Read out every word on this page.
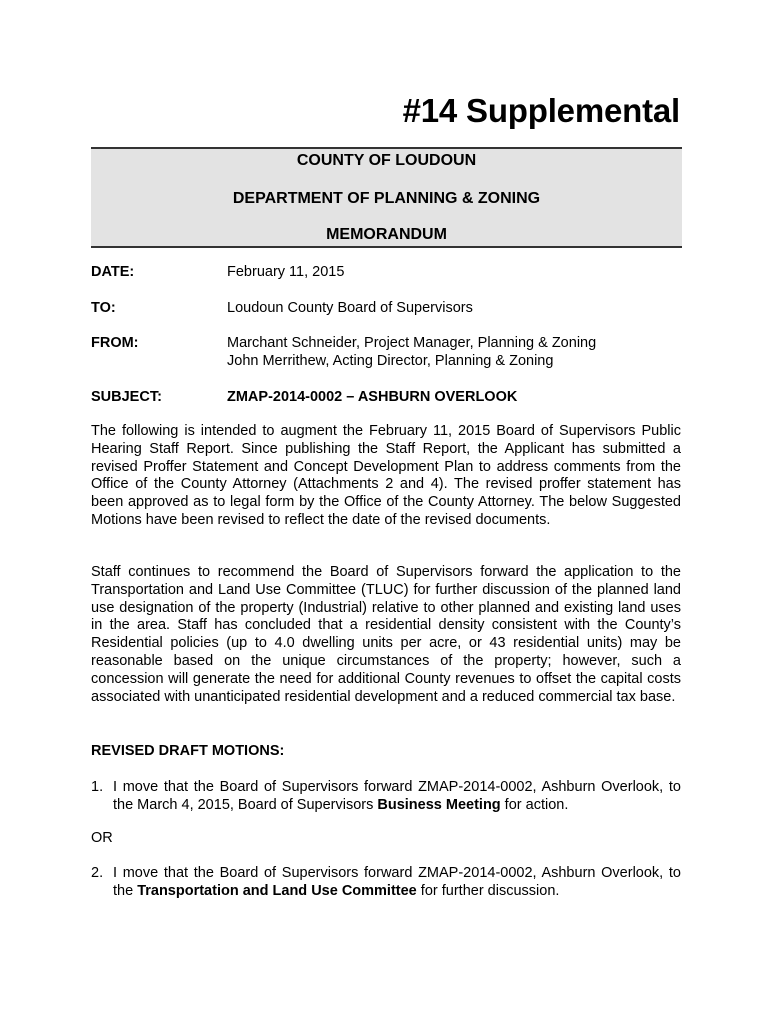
#14 Supplemental
COUNTY OF LOUDOUN
DEPARTMENT OF PLANNING & ZONING
MEMORANDUM
DATE:	February 11, 2015
TO:	Loudoun County Board of Supervisors
FROM:	Marchant Schneider, Project Manager, Planning & Zoning
John Merrithew, Acting Director, Planning & Zoning
SUBJECT:	ZMAP-2014-0002 – ASHBURN OVERLOOK

The following is intended to augment the February 11, 2015 Board of Supervisors Public Hearing Staff Report. Since publishing the Staff Report, the Applicant has submitted a revised Proffer Statement and Concept Development Plan to address comments from the Office of the County Attorney (Attachments 2 and 4). The revised proffer statement has been approved as to legal form by the Office of the County Attorney. The below Suggested Motions have been revised to reflect the date of the revised documents.

Staff continues to recommend the Board of Supervisors forward the application to the Transportation and Land Use Committee (TLUC) for further discussion of the planned land use designation of the property (Industrial) relative to other planned and existing land uses in the area. Staff has concluded that a residential density consistent with the County’s Residential policies (up to 4.0 dwelling units per acre, or 43 residential units) may be reasonable based on the unique circumstances of the property; however, such a concession will generate the need for additional County revenues to offset the capital costs associated with unanticipated residential development and a reduced commercial tax base.

REVISED DRAFT MOTIONS:
1. I move that the Board of Supervisors forward ZMAP-2014-0002, Ashburn Overlook, to the March 4, 2015, Board of Supervisors Business Meeting for action.
OR
2. I move that the Board of Supervisors forward ZMAP-2014-0002, Ashburn Overlook, to the Transportation and Land Use Committee for further discussion.
